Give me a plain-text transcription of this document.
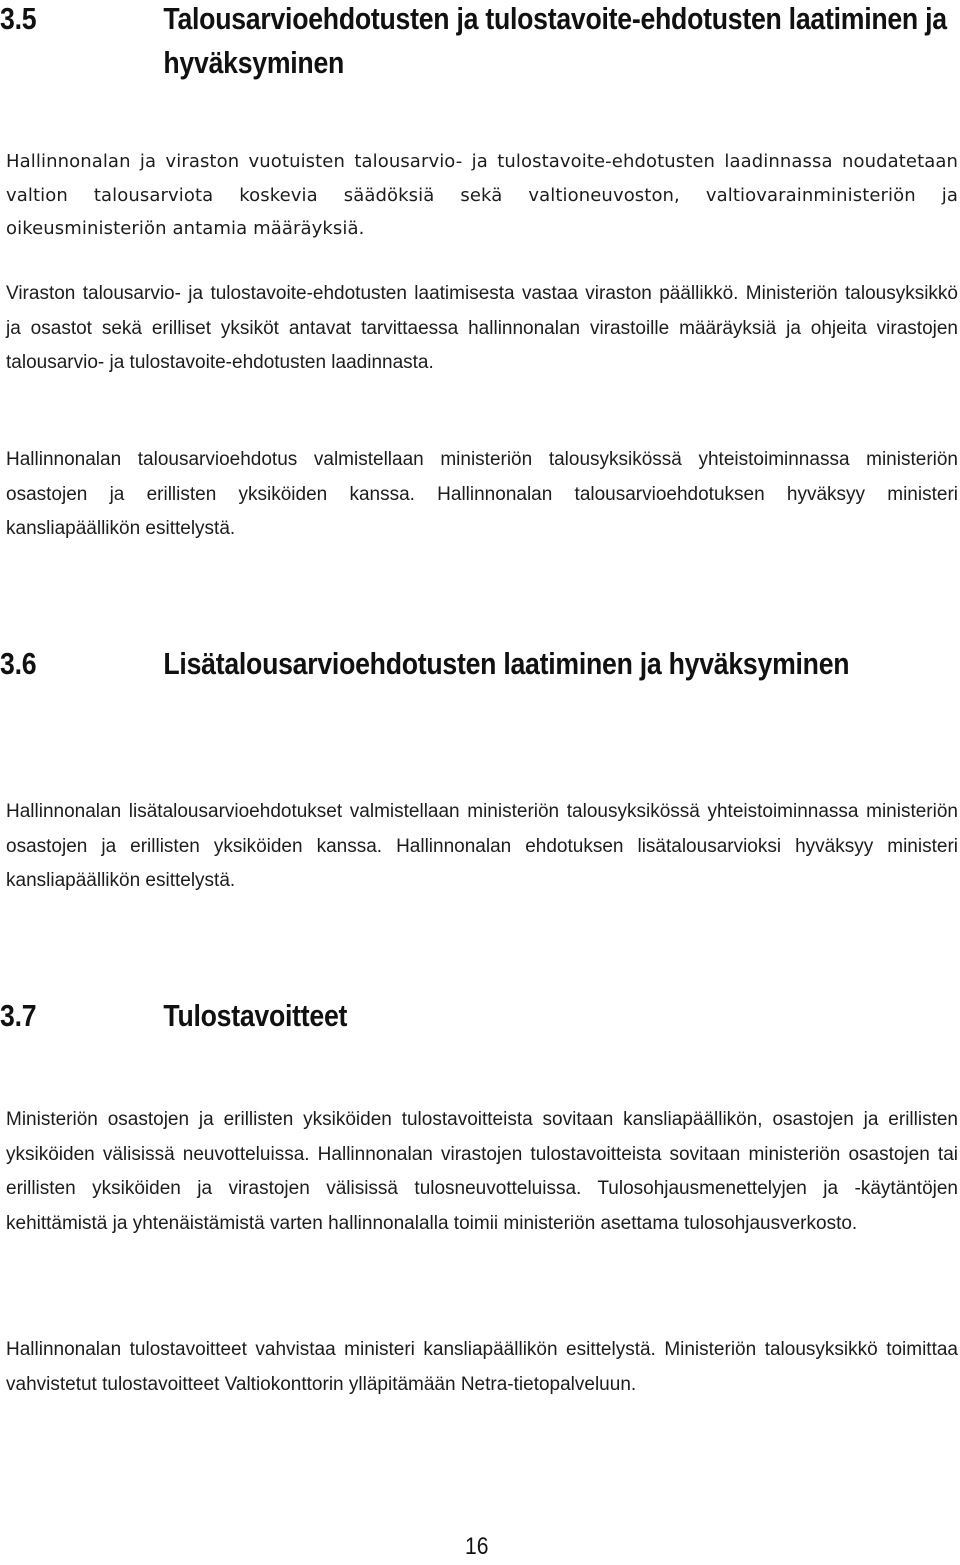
3.5	Talousarvioehdotusten ja tulostavoite-ehdotusten laatiminen ja hyväksyminen

Hallinnonalan ja viraston vuotuisten talousarvio- ja tulostavoite-ehdotusten laadinnassa noudatetaan valtion talousarviota koskevia säädöksiä sekä valtioneuvoston, valtiovarainministeriön ja oikeusministeriön antamia määräyksiä.

Viraston talousarvio- ja tulostavoite-ehdotusten laatimisesta vastaa viraston päällikkö. Ministeriön talousyksikkö ja osastot sekä erilliset yksiköt antavat tarvittaessa hallinnonalan virastoille määräyksiä ja ohjeita virastojen talousarvio- ja tulostavoite-ehdotusten laadinnasta.

Hallinnonalan talousarvioehdotus valmistellaan ministeriön talousyksikössä yhteistoiminnassa ministeriön osastojen ja erillisten yksiköiden kanssa. Hallinnonalan talousarvioehdotuksen hyväksyy ministeri kansliapäällikön esittelystä.

3.6	Lisätalousarvioehdotusten laatiminen ja hyväksyminen

Hallinnonalan lisätalousarvioehdotukset valmistellaan ministeriön talousyksikössä yhteistoiminnassa ministeriön osastojen ja erillisten yksiköiden kanssa. Hallinnonalan ehdotuksen lisätalousarvioksi hyväksyy ministeri kansliapäällikön esittelystä.

3.7	Tulostavoitteet

Ministeriön osastojen ja erillisten yksiköiden tulostavoitteista sovitaan kansliapäällikön, osastojen ja erillisten yksiköiden välisissä neuvotteluissa. Hallinnonalan virastojen tulostavoitteista sovitaan ministeriön osastojen tai erillisten yksiköiden ja virastojen välisissä tulosneuvotteluissa. Tulosohjausmenettelyjen ja -käytäntöjen kehittämistä ja yhtenäistämistä varten hallinnonalalla toimii ministeriön asettama tulosohjausverkosto.

Hallinnonalan tulostavoitteet vahvistaa ministeri kansliapäällikön esittelystä. Ministeriön talousyksikkö toimittaa vahvistetut tulostavoitteet Valtiokonttorin ylläpitämään Netra-tietopalveluun.

16
